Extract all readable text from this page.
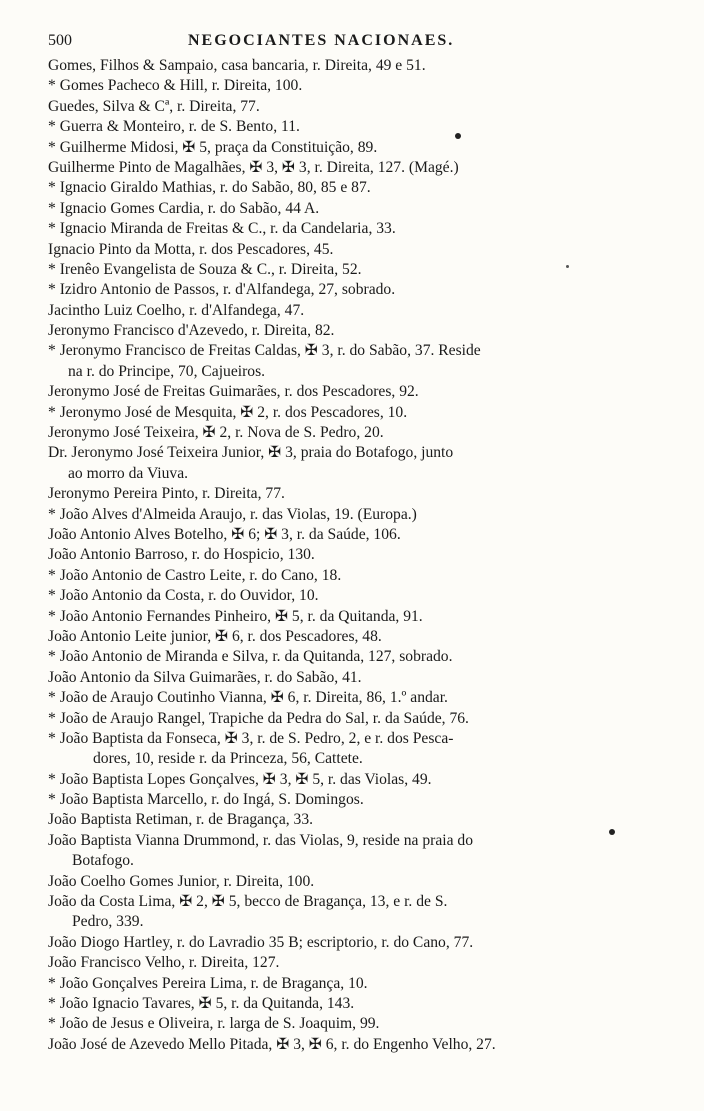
500	NEGOCIANTES NACIONAES.
Gomes, Filhos & Sampaio, casa bancaria, r. Direita, 49 e 51.
* Gomes Pacheco & Hill, r. Direita, 100.
Guedes, Silva & Cª, r. Direita, 77.
* Guerra & Monteiro, r. de S. Bento, 11.
* Guilherme Midosi, ✠ 5, praça da Constituição, 89.
Guilherme Pinto de Magalhães, ✠ 3, ✠ 3, r. Direita, 127. (Magé.)
* Ignacio Giraldo Mathias, r. do Sabão, 80, 85 e 87.
* Ignacio Gomes Cardia, r. do Sabão, 44 A.
* Ignacio Miranda de Freitas & C., r. da Candelaria, 33.
Ignacio Pinto da Motta, r. dos Pescadores, 45.
* Irenêo Evangelista de Souza & C., r. Direita, 52.
* Izidro Antonio de Passos, r. d'Alfandega, 27, sobrado.
Jacintho Luiz Coelho, r. d'Alfandega, 47.
Jeronymo Francisco d'Azevedo, r. Direita, 82.
* Jeronymo Francisco de Freitas Caldas, ✠ 3, r. do Sabão, 37. Reside
na r. do Principe, 70, Cajueiros.
Jeronymo José de Freitas Guimarães, r. dos Pescadores, 92.
* Jeronymo José de Mesquita, ✠ 2, r. dos Pescadores, 10.
Jeronymo José Teixeira, ✠ 2, r. Nova de S. Pedro, 20.
Dr. Jeronymo José Teixeira Junior, ✠ 3, praia do Botafogo, junto
ao morro da Viuva.
Jeronymo Pereira Pinto, r. Direita, 77.
* João Alves d'Almeida Araujo, r. das Violas, 19. (Europa.)
João Antonio Alves Botelho, ✠ 6; ✠ 3, r. da Saúde, 106.
João Antonio Barroso, r. do Hospicio, 130.
* João Antonio de Castro Leite, r. do Cano, 18.
* João Antonio da Costa, r. do Ouvidor, 10.
* João Antonio Fernandes Pinheiro, ✠ 5, r. da Quitanda, 91.
João Antonio Leite junior, ✠ 6, r. dos Pescadores, 48.
* João Antonio de Miranda e Silva, r. da Quitanda, 127, sobrado.
João Antonio da Silva Guimarães, r. do Sabão, 41.
* João de Araujo Coutinho Vianna, ✠ 6, r. Direita, 86, 1.º andar.
* João de Araujo Rangel, Trapiche da Pedra do Sal, r. da Saúde, 76.
* João Baptista da Fonseca, ✠ 3, r. de S. Pedro, 2, e r. dos Pesca-
dores, 10, reside r. da Princeza, 56, Cattete.
* João Baptista Lopes Gonçalves, ✠ 3, ✠ 5, r. das Violas, 49.
* João Baptista Marcello, r. do Ingá, S. Domingos.
João Baptista Retiman, r. de Bragança, 33.
João Baptista Vianna Drummond, r. das Violas, 9, reside na praia do
Botafogo.
João Coelho Gomes Junior, r. Direita, 100.
João da Costa Lima, ✠ 2, ✠ 5, becco de Bragança, 13, e r. de S.
Pedro, 339.
João Diogo Hartley, r. do Lavradio 35 B; escriptorio, r. do Cano, 77.
João Francisco Velho, r. Direita, 127.
* João Gonçalves Pereira Lima, r. de Bragança, 10.
* João Ignacio Tavares, ✠ 5, r. da Quitanda, 143.
* João de Jesus e Oliveira, r. larga de S. Joaquim, 99.
João José de Azevedo Mello Pitada, ✠ 3, ✠ 6, r. do Engenho Velho, 27.
